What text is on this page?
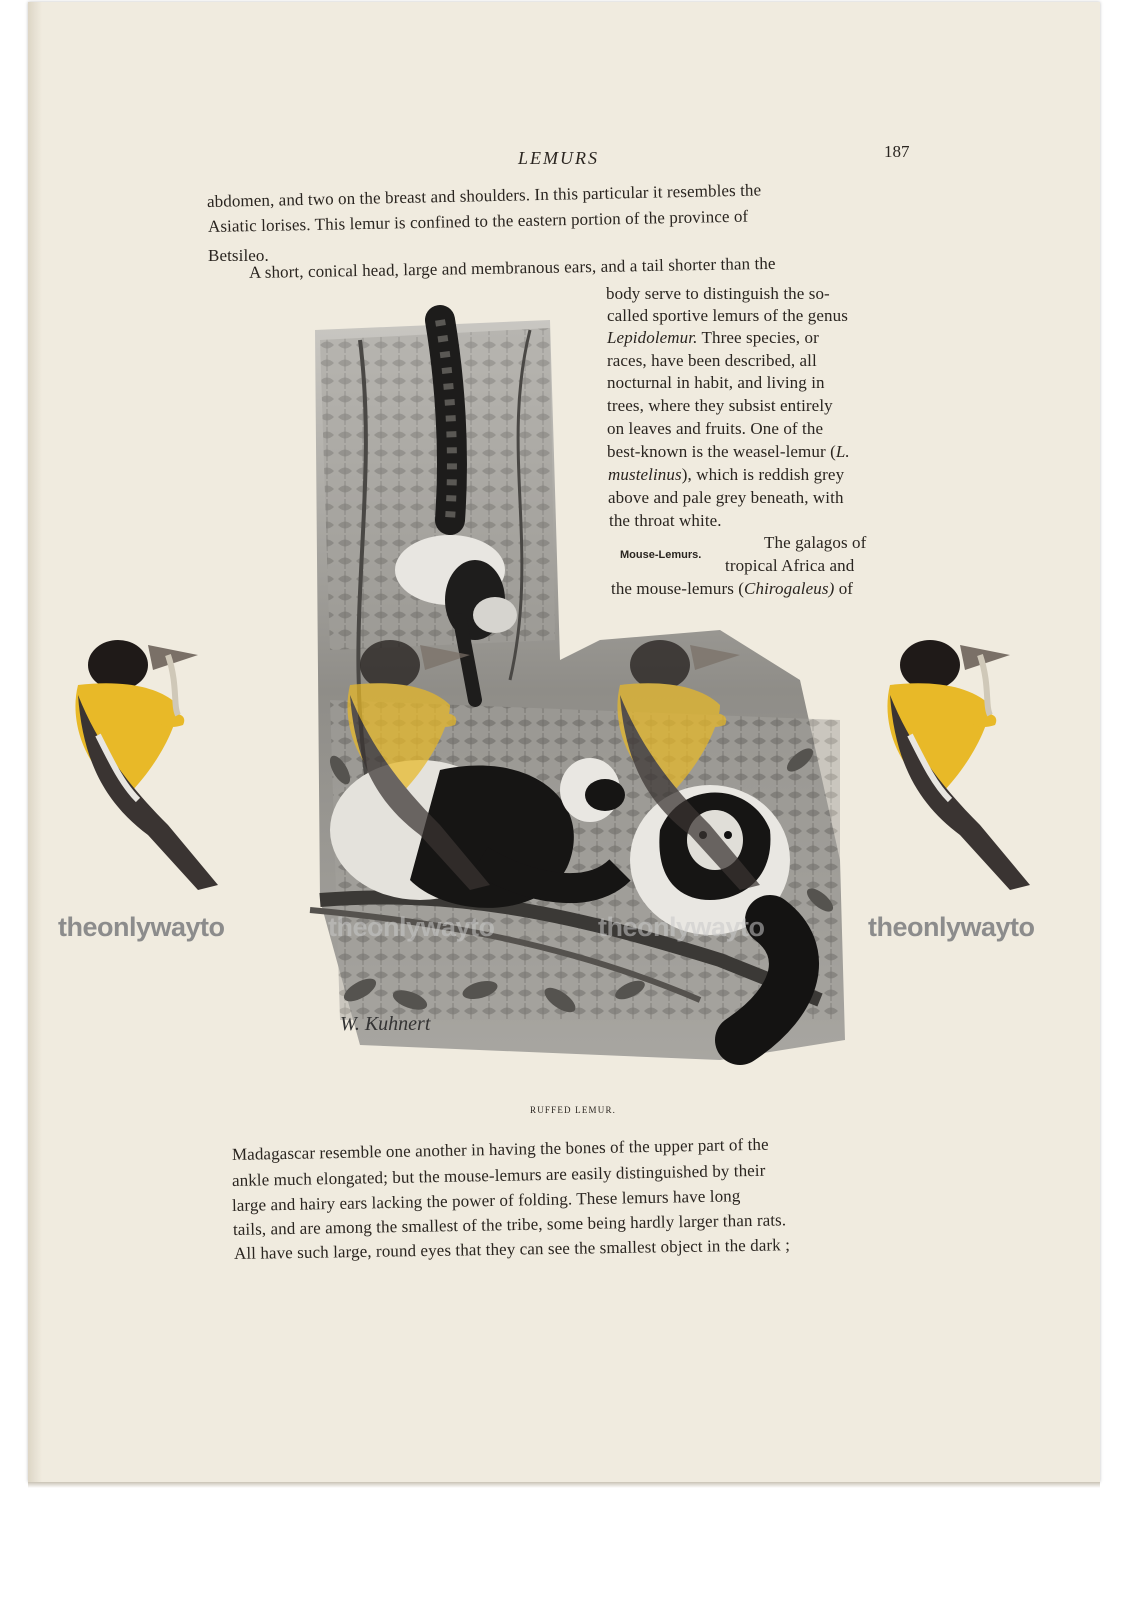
LEMURS	187
abdomen, and two on the breast and shoulders. In this particular it resembles the
Asiatic lorises. This lemur is confined to the eastern portion of the province of
Betsileo.
A short, conical head, large and membranous ears, and a tail shorter than the
body serve to distinguish the so-
called sportive lemurs of the genus
Lepidolemur. Three species, or
races, have been described, all
nocturnal in habit, and living in
trees, where they subsist entirely
on leaves and fruits. One of the
best-known is the weasel-lemur (L.
mustelinus), which is reddish grey
above and pale grey beneath, with
the throat white.
Mouse-Lemurs.
The galagos of
tropical Africa and
the mouse-lemurs (Chirogaleus) of
W. Kuhnert
RUFFED LEMUR.
Madagascar resemble one another in having the bones of the upper part of the
ankle much elongated; but the mouse-lemurs are easily distinguished by their
large and hairy ears lacking the power of folding. These lemurs have long
tails, and are among the smallest of the tribe, some being hardly larger than rats.
All have such large, round eyes that they can see the smallest object in the dark ;
theonlywayto	theonlywayto	theonlywayto	theonlywayto
